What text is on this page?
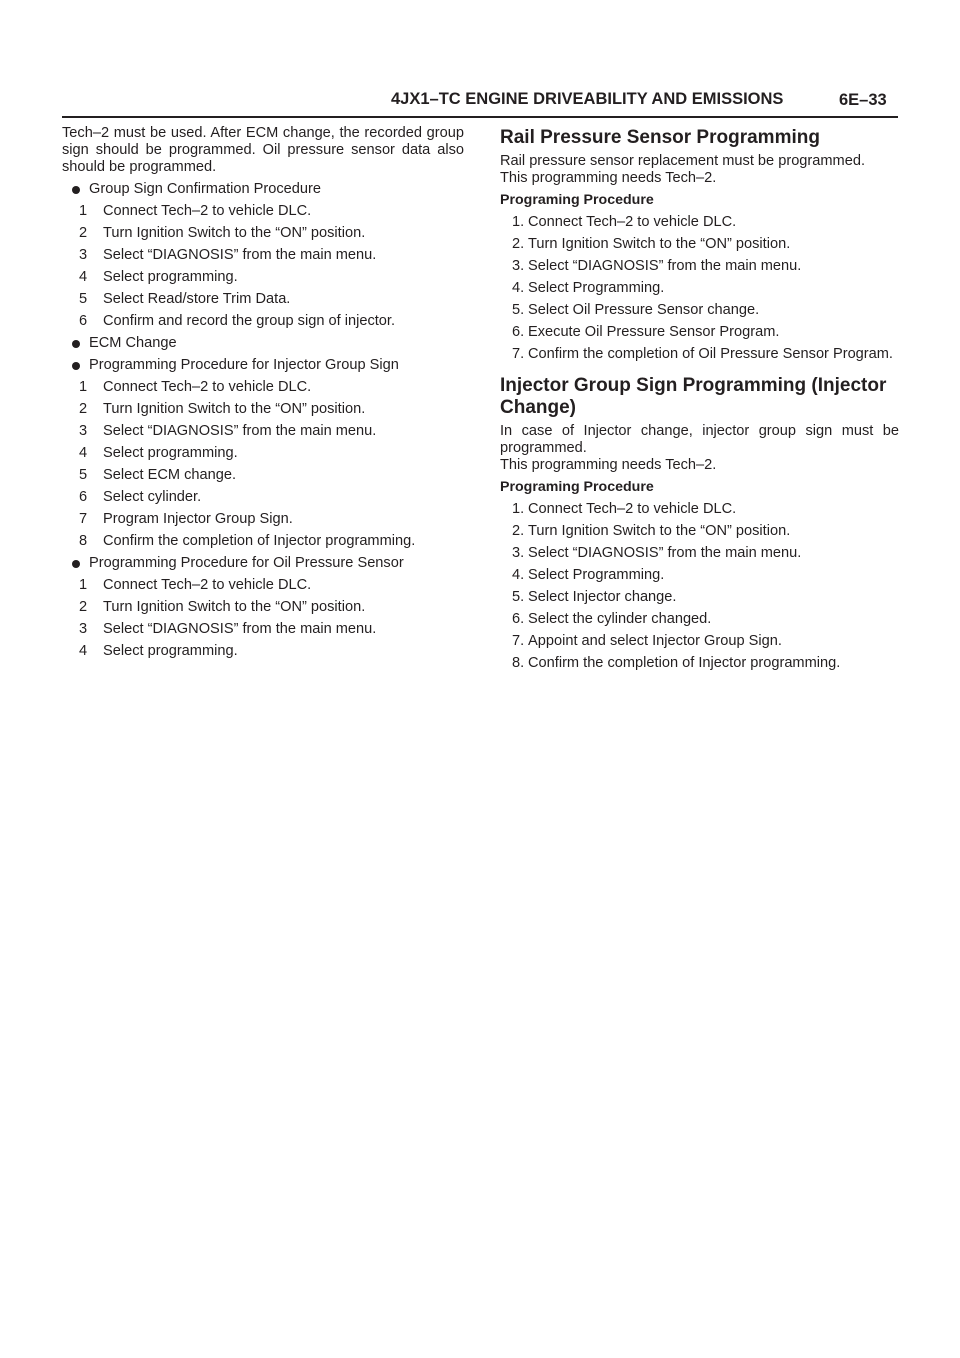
4JX1–TC ENGINE DRIVEABILITY AND EMISSIONS	6E–33

Tech–2 must be used. After ECM change, the recorded group sign should be programmed. Oil pressure sensor data also should be programmed.

Group Sign Confirmation Procedure
1 Connect Tech–2 to vehicle DLC.
2 Turn Ignition Switch to the “ON” position.
3 Select “DIAGNOSIS” from the main menu.
4 Select programming.
5 Select Read/store Trim Data.
6 Confirm and record the group sign of injector.
ECM Change
Programming Procedure for Injector Group Sign
1 Connect Tech–2 to vehicle DLC.
2 Turn Ignition Switch to the “ON” position.
3 Select “DIAGNOSIS” from the main menu.
4 Select programming.
5 Select ECM change.
6 Select cylinder.
7 Program Injector Group Sign.
8 Confirm the completion of Injector programming.
Programming Procedure for Oil Pressure Sensor
1 Connect Tech–2 to vehicle DLC.
2 Turn Ignition Switch to the “ON” position.
3 Select “DIAGNOSIS” from the main menu.
4 Select programming.
Rail Pressure Sensor Programming

Rail pressure sensor replacement must be programmed.

This programming needs Tech–2.

Programing Procedure

1. Connect Tech–2 to vehicle DLC.
2. Turn Ignition Switch to the “ON” position.
3. Select “DIAGNOSIS” from the main menu.
4. Select Programming.
5. Select Oil Pressure Sensor change.
6. Execute Oil Pressure Sensor Program.
7. Confirm the completion of Oil Pressure Sensor Program.
Injector Group Sign Programming (Injector Change)

In case of Injector change, injector group sign must be programmed.

This programming needs Tech–2.

Programing Procedure

1. Connect Tech–2 to vehicle DLC.
2. Turn Ignition Switch to the “ON” position.
3. Select “DIAGNOSIS” from the main menu.
4. Select Programming.
5. Select Injector change.
6. Select the cylinder changed.
7. Appoint and select Injector Group Sign.
8. Confirm the completion of Injector programming.
